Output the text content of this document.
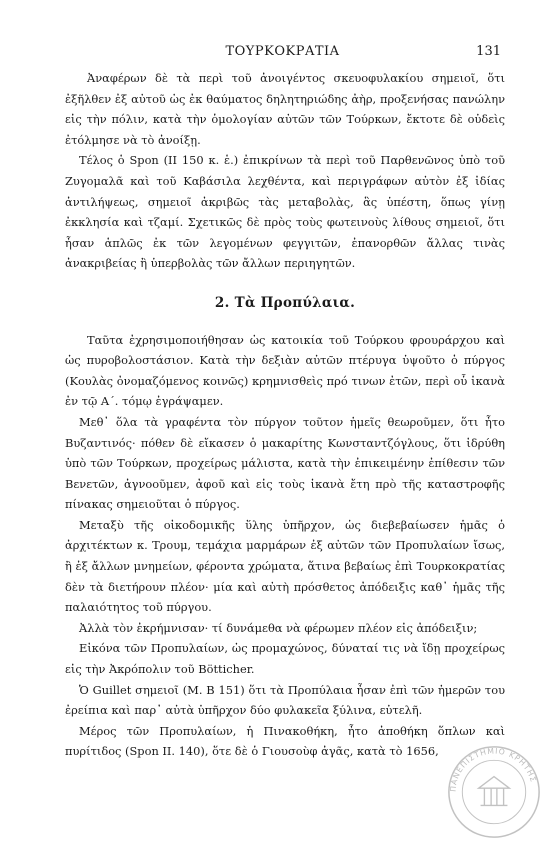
ΤΟΥΡΚΟΚΡΑΤΙΑ	131

Ἀναφέρων δὲ τὰ περὶ τοῦ ἀνοιγέντος σκευοφυλακίου σημειοῖ, ὅτι ἐξῆλθεν ἐξ αὐτοῦ ὡς ἐκ θαύματος δηλητηριώδης ἀὴρ, προξενήσας πανώλην εἰς τὴν πόλιν, κατὰ τὴν ὁμολογίαν αὐτῶν τῶν Τούρκων, ἔκτοτε δὲ οὐδεὶς ἐτόλμησε νὰ τὸ ἀνοίξῃ.

Τέλος ὁ Spon (II 150 κ. ἑ.) ἐπικρίνων τὰ περὶ τοῦ Παρθενῶνος ὑπὸ τοῦ Ζυγομαλᾶ καὶ τοῦ Καβάσιλα λεχθέντα, καὶ περιγράφων αὐτὸν ἐξ ἰδίας ἀντιλήψεως, σημειοῖ ἀκριβῶς τὰς μεταβολὰς, ἃς ὑπέστη, ὅπως γίνῃ ἐκκλησία καὶ τζαμί. Σχετικῶς δὲ πρὸς τοὺς φωτεινοὺς λίθους σημειοῖ, ὅτι ἦσαν ἁπλῶς ἐκ τῶν λεγομένων φεγγιτῶν, ἐπανορθῶν ἄλλας τινὰς ἀνακριβείας ἢ ὑπερβολὰς τῶν ἄλλων περιηγητῶν.

2. Τὰ Προπύλαια.

Ταῦτα ἐχρησιμοποιήθησαν ὡς κατοικία τοῦ Τούρκου φρουράρχου καὶ ὡς πυροβολοστάσιον. Κατὰ τὴν δεξιὰν αὐτῶν πτέρυγα ὑψοῦτο ὁ πύργος (Κουλὰς ὀνομαζόμενος κοινῶς) κρημνισθεὶς πρό τινων ἐτῶν, περὶ οὗ ἱκανὰ ἐν τῷ Α΄. τόμῳ ἐγράψαμεν.

Μεθ᾽ ὅλα τὰ γραφέντα τὸν πύργον τοῦτον ἡμεῖς θεωροῦμεν, ὅτι ἦτο Βυζαντινός· πόθεν δὲ εἴκασεν ὁ μακαρίτης Κωνσταντζόγλους, ὅτι ἱδρύθη ὑπὸ τῶν Τούρκων, προχείρως μάλιστα, κατὰ τὴν ἐπικειμένην ἐπίθεσιν τῶν Βενετῶν, ἀγνοοῦμεν, ἀφοῦ καὶ εἰς τοὺς ἱκανὰ ἔτη πρὸ τῆς καταστροφῆς πίνακας σημειοῦται ὁ πύργος.

Μεταξὺ τῆς οἰκοδομικῆς ὕλης ὑπῆρχον, ὡς διεβεβαίωσεν ἡμᾶς ὁ ἀρχιτέκτων κ. Τρουμ, τεμάχια μαρμάρων ἐξ αὐτῶν τῶν Προπυλαίων ἴσως, ἢ ἐξ ἄλλων μνημείων, φέροντα χρώματα, ἅτινα βεβαίως ἐπὶ Τουρκοκρατίας δὲν τὰ διετήρουν πλέον· μία καὶ αὐτὴ πρόσθετος ἀπόδειξις καθ᾽ ἡμᾶς τῆς παλαιότητος τοῦ πύργου.

Ἀλλὰ τὸν ἐκρήμνισαν· τί δυνάμεθα νὰ φέρωμεν πλέον εἰς ἀπόδειξιν;

Εἰκόνα τῶν Προπυλαίων, ὡς προμαχώνος, δύναταί τις νὰ ἴδῃ προχείρως εἰς τὴν Ἀκρόπολιν τοῦ Bötticher.

Ὁ Guillet σημειοῖ (Μ. Β 151) ὅτι τὰ Προπύλαια ἦσαν ἐπὶ τῶν ἡμερῶν του ἐρείπια καὶ παρ᾽ αὐτὰ ὑπῆρχον δύο φυλακεῖα ξύλινα, εὐτελῆ.

Μέρος τῶν Προπυλαίων, ἡ Πινακοθήκη, ἦτο ἀποθήκη ὅπλων καὶ πυρίτιδος (Spon II. 140), ὅτε δὲ ὁ Γιουσοὺφ ἀγᾶς, κατὰ τὸ 1656,

ΠΑΝΕΠΙΣΤΗΜΙΟ ΚΡΗΤΗΣ
